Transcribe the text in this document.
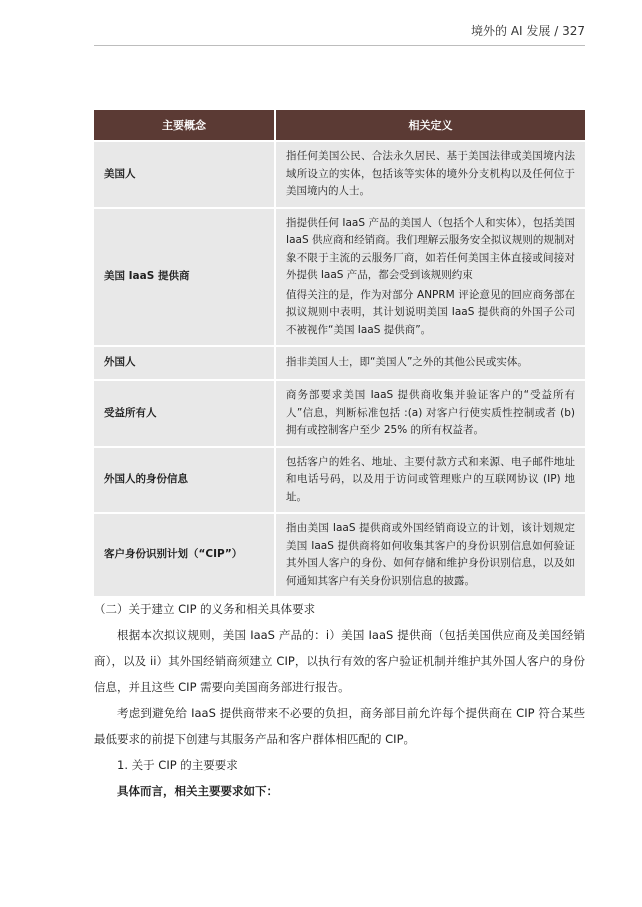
境外的 AI 发展 / 327
主要概念	相关定义
美国人	指任何美国公民、合法永久居民、基于美国法律或美国境内法域所设立的实体，包括该等实体的境外分支机构以及任何位于美国境内的人士。

美国 IaaS 提供商	指提供任何 IaaS 产品的美国人（包括个人和实体），包括美国 IaaS 供应商和经销商。我们理解云服务安全拟议规则的规制对象不限于主流的云服务厂商，如若任何美国主体直接或间接对外提供 IaaS 产品，都会受到该规则约束
值得关注的是，作为对部分 ANPRM 评论意见的回应商务部在拟议规则中表明，其计划说明美国 IaaS 提供商的外国子公司不被视作“美国 IaaS 提供商”。

外国人	指非美国人士，即“美国人”之外的其他公民或实体。

受益所有人	商务部要求美国 IaaS 提供商收集并验证客户的“受益所有人”信息，判断标准包括 :(a) 对客户行使实质性控制或者 (b) 拥有或控制客户至少 25% 的所有权益者。

外国人的身份信息	包括客户的姓名、地址、主要付款方式和来源、电子邮件地址和电话号码，以及用于访问或管理账户的互联网协议 (IP) 地址。

客户身份识别计划（“CIP”）	指由美国 IaaS 提供商或外国经销商设立的计划，该计划规定美国 IaaS 提供商将如何收集其客户的身份识别信息如何验证其外国人客户的身份、如何存储和维护身份识别信息，以及如何通知其客户有关身份识别信息的披露。

（二）关于建立 CIP 的义务和相关具体要求

根据本次拟议规则，美国 IaaS 产品的：i）美国 IaaS 提供商（包括美国供应商及美国经销商），以及 ii）其外国经销商须建立 CIP，以执行有效的客户验证机制并维护其外国人客户的身份信息，并且这些 CIP 需要向美国商务部进行报告。

考虑到避免给 IaaS 提供商带来不必要的负担，商务部目前允许每个提供商在 CIP 符合某些最低要求的前提下创建与其服务产品和客户群体相匹配的 CIP。

1. 关于 CIP 的主要要求

具体而言，相关主要要求如下：
